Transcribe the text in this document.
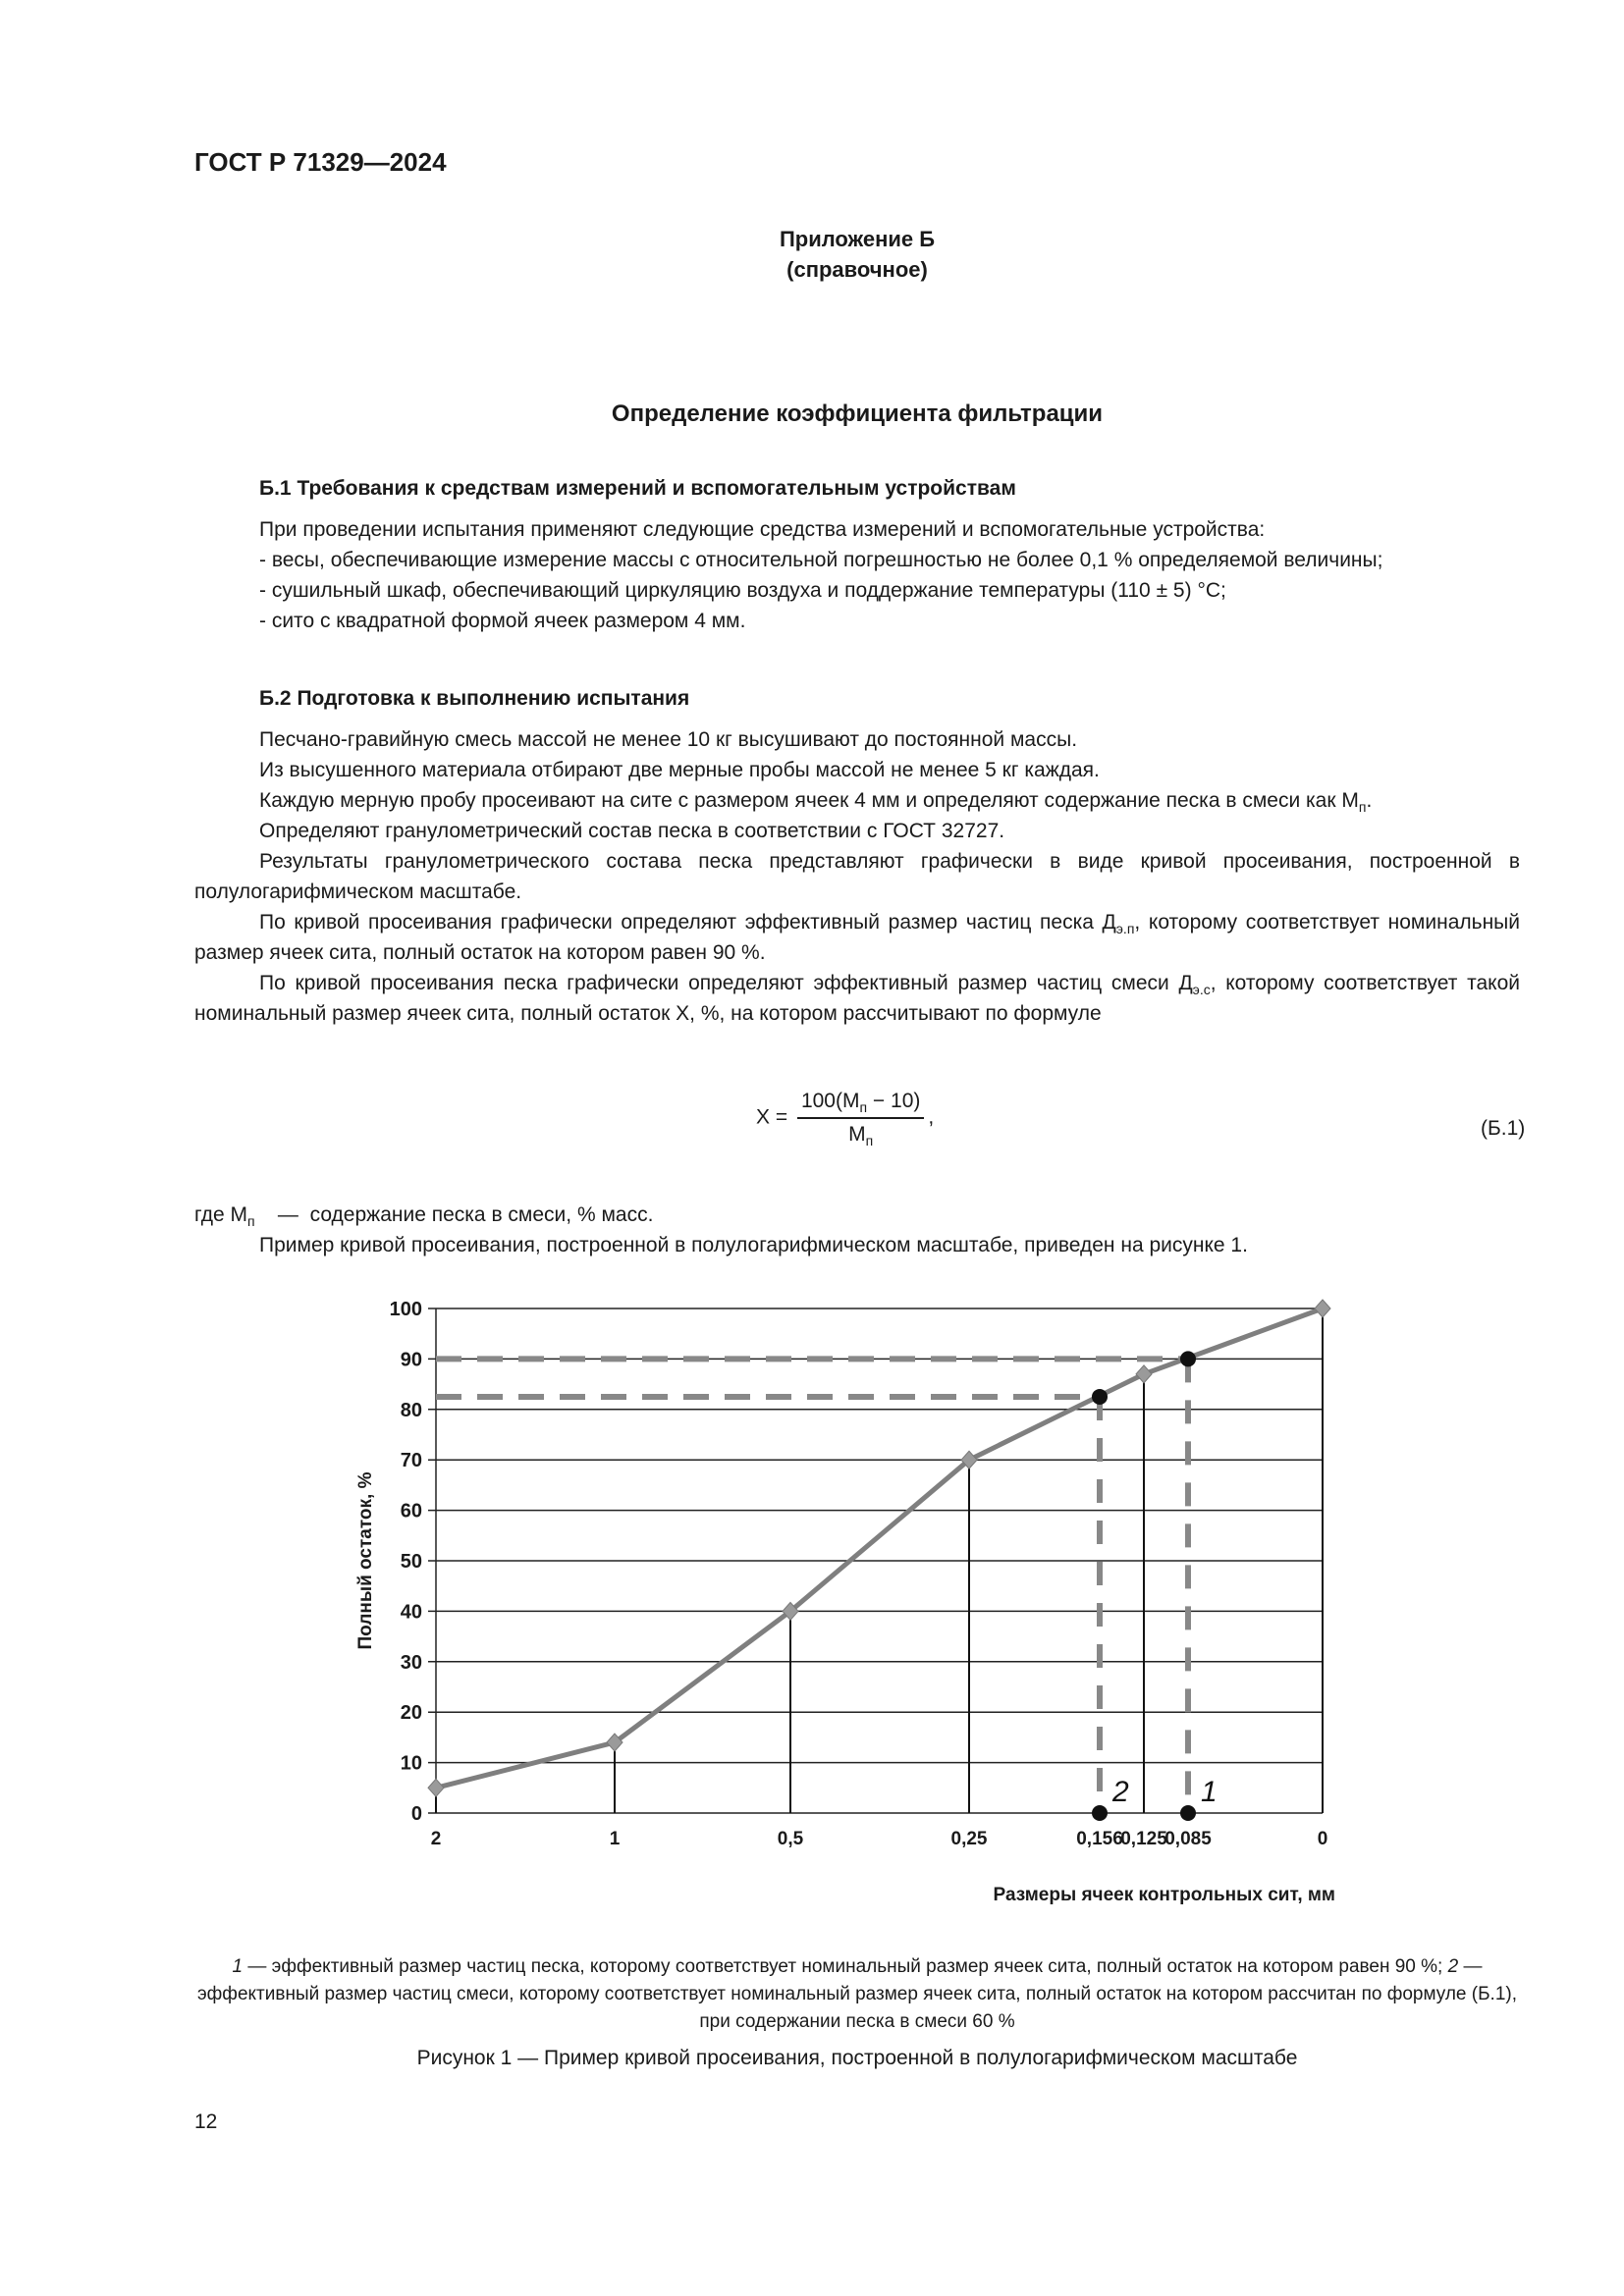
ГОСТ Р 71329—2024
Приложение Б
(справочное)
Определение коэффициента фильтрации
Б.1 Требования к средствам измерений и вспомогательным устройствам

При проведении испытания применяют следующие средства измерений и вспомогательные устройства:

- весы, обеспечивающие измерение массы с относительной погрешностью не более 0,1 % определяемой величины;

- сушильный шкаф, обеспечивающий циркуляцию воздуха и поддержание температуры (110 ± 5) °C;

- сито с квадратной формой ячеек размером 4 мм.

Б.2 Подготовка к выполнению испытания

Песчано-гравийную смесь массой не менее 10 кг высушивают до постоянной массы.

Из высушенного материала отбирают две мерные пробы массой не менее 5 кг каждая.

Каждую мерную пробу просеивают на сите с размером ячеек 4 мм и определяют содержание песка в смеси как $М_п$.

Определяют гранулометрический состав песка в соответствии с ГОСТ 32727.

Результаты гранулометрического состава песка представляют графически в виде кривой просеивания, построенной в полулогарифмическом масштабе.

По кривой просеивания графически определяют эффективный размер частиц песка $Д_{э.п}$, которому соответствует номинальный размер ячеек сита, полный остаток на котором равен 90 %.

По кривой просеивания песка графически определяют эффективный размер частиц смеси $Д_{э.с}$, которому соответствует такой номинальный размер ячеек сита, полный остаток X, %, на котором рассчитывают по формуле

$X = \frac{100(М_п - 10)}{М_п}$ ,	(Б.1)

где $М_п$ — содержание песка в смеси, % масс.

Пример кривой просеивания, построенной в полулогарифмическом масштабе, приведен на рисунке 1.

0
10
20
30
40
50
60
70
80
90
100
2	1	0,5	0,25	0,156
0,125
0,085	0
2 1
Полный остаток, %
Размеры ячеек контрольных сит, мм
1 — эффективный размер частиц песка, которому соответствует номинальный размер ячеек сита, полный остаток на котором равен 90 %; 2 — эффективный размер частиц смеси, которому соответствует номинальный размер ячеек сита, полный остаток на котором рассчитан по формуле (Б.1), при содержании песка в смеси 60 %
Рисунок 1 — Пример кривой просеивания, построенной в полулогарифмическом масштабе
12
